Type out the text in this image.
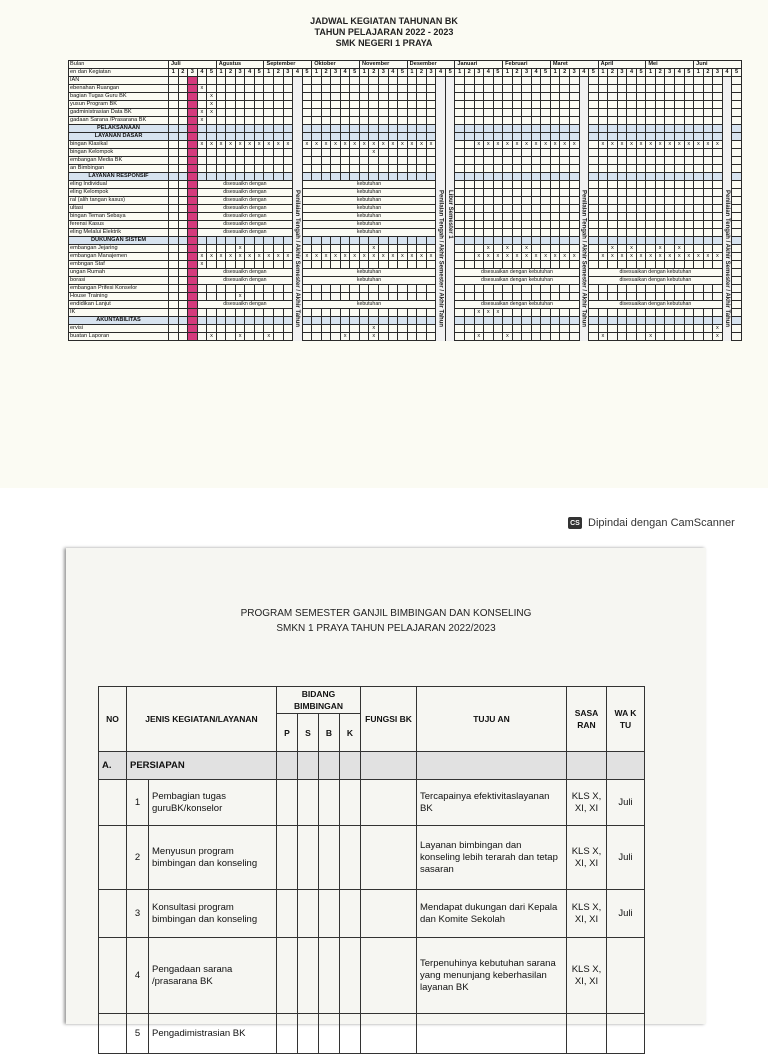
JADWAL KEGIATAN TAHUNAN BK
TAHUN PELAJARAN 2022 - 2023
SMK NEGERI 1 PRAYA
Bulan	Juli					Agustus					September					Oktober					November					Desember					Januari					Februari					Maret					April					Mei					Juni				
en dan Kegiatan	1	2	3	4	5	1	2	3	4	5	1	2	3	4	5	1	2	3	4	5	1	2	3	4	5	1	2	3	4	5	1	2	3	4	5	1	2	3	4	5	1	2	3	4	5	1	2	3	4	5	1	2	3	4	5	1	2	3	4	5
IAN																																																												
ebenahan Ruangan				x																																																								
bagian Tugas Guru BK					x																																																							
yusun Program BK					x																																																							
gadministrasian Data BK				x	x																																																							
gadaan Sarana /Prasarana BK				x																																																								
PELAKSANAAN																																																												
LAYANAN DASAR																																																												
bingan Klasikal				x	x	x	x	x	x	x	x	x	x		x	x	x	x	x	x	x	x	x	x	x	x	x	x					x	x	x	x	x	x	x	x	x	x	x			x	x	x	x	x	x	x	x	x	x	x	x	x		
bingan Kelompok																						x																																						
embangan Media BK																																																												
an Bimbingan																																																												
LAYANAN RESPONSIF																																																												
eling Individual				disesuaikn dengan											kebutuhan																																													
eling Kelompok				disesuaikn dengan											kebutuhan																																													
ral (alih tangan kasus)				disesuaikn dengan											kebutuhan																																													
ultasi				disesuaikn dengan											kebutuhan																																													
bingan Teman Sebaya				disesuaikn dengan											kebutuhan																																													
ferensi Kasus				disesuaikn dengan											kebutuhan																																													
eling Melalui Elektrik				disesuaikn dengan											kebutuhan																																													
DUKUNGAN SISTEM																																																												
embangan Jejaring								x														x												x		x		x									x		x			x		x						
embangan Manajemen				x	x	x	x	x	x	x	x	x	x		x	x	x	x	x	x	x	x	x	x	x	x	x	x					x	x	x	x	x	x	x	x	x	x	x			x	x	x	x	x	x	x	x	x	x	x	x	x		
embngan Staf				x																																																								
ungan Rumah				disesuaikn dengan											kebutuhan																disesuaikan dengan kebutuhan														disesuaikan dengan kebutuhan															
borasi				disesuaikn dengan											kebutuhan																disesuaikan dengan kebutuhan														disesuaikan dengan kebutuhan															
embangan Prifesi Konselor																																																												
House Training								x																																																				
endidikan Lanjut				disesuaikn dengan											kebutuhan																disesuaikan dengan kebutuhan														disesuaikan dengan kebutuhan															
IK																																	x	x	x																									
AKUNTABILITAS																																																												
ervisi																						x																																				x		
buatan Laporan					x			x			x								x			x											x			x										x					x							x		
Penilaian Tengah / Akhir Semester / Akhir Tahun	Penilaian Tengah / Akhir Semester / Akhir Tahun Libur Semester 1	Penilaian Tengah / Akhir Semester / Akhir Tahun	Penilaian Tengah / Akhir Semester / Akhir Tahun
CS Dipindai dengan CamScanner
PROGRAM SEMESTER GANJIL BIMBINGAN DAN KONSELING
SMKN 1 PRAYA TAHUN PELAJARAN 2022/2023
NO	JENIS KEGIATAN/LAYANAN		BIDANG BIMBINGAN				FUNGSI BK	TUJU AN	SASA RAN	WA K TU
			P	S	B	K				
A.	PERSIAPAN									
	1	Pembagian tugas guruBK/konselor						Tercapainya efektivitaslayanan BK	KLS X, XI, XI	Juli
	2	Menyusun program bimbingan dan konseling						Layanan bimbingan dan konseling lebih terarah dan tetap sasaran	KLS X, XI, XI	Juli
	3	Konsultasi program bimbingan dan konseling						Mendapat dukungan dari Kepala dan Komite Sekolah	KLS X, XI, XI	Juli
	4	Pengadaan sarana /prasarana BK						Terpenuhinya kebutuhan sarana yang menunjang keberhasilan layanan BK	KLS X, XI, XI	
	5	Pengadimistrasian BK								
